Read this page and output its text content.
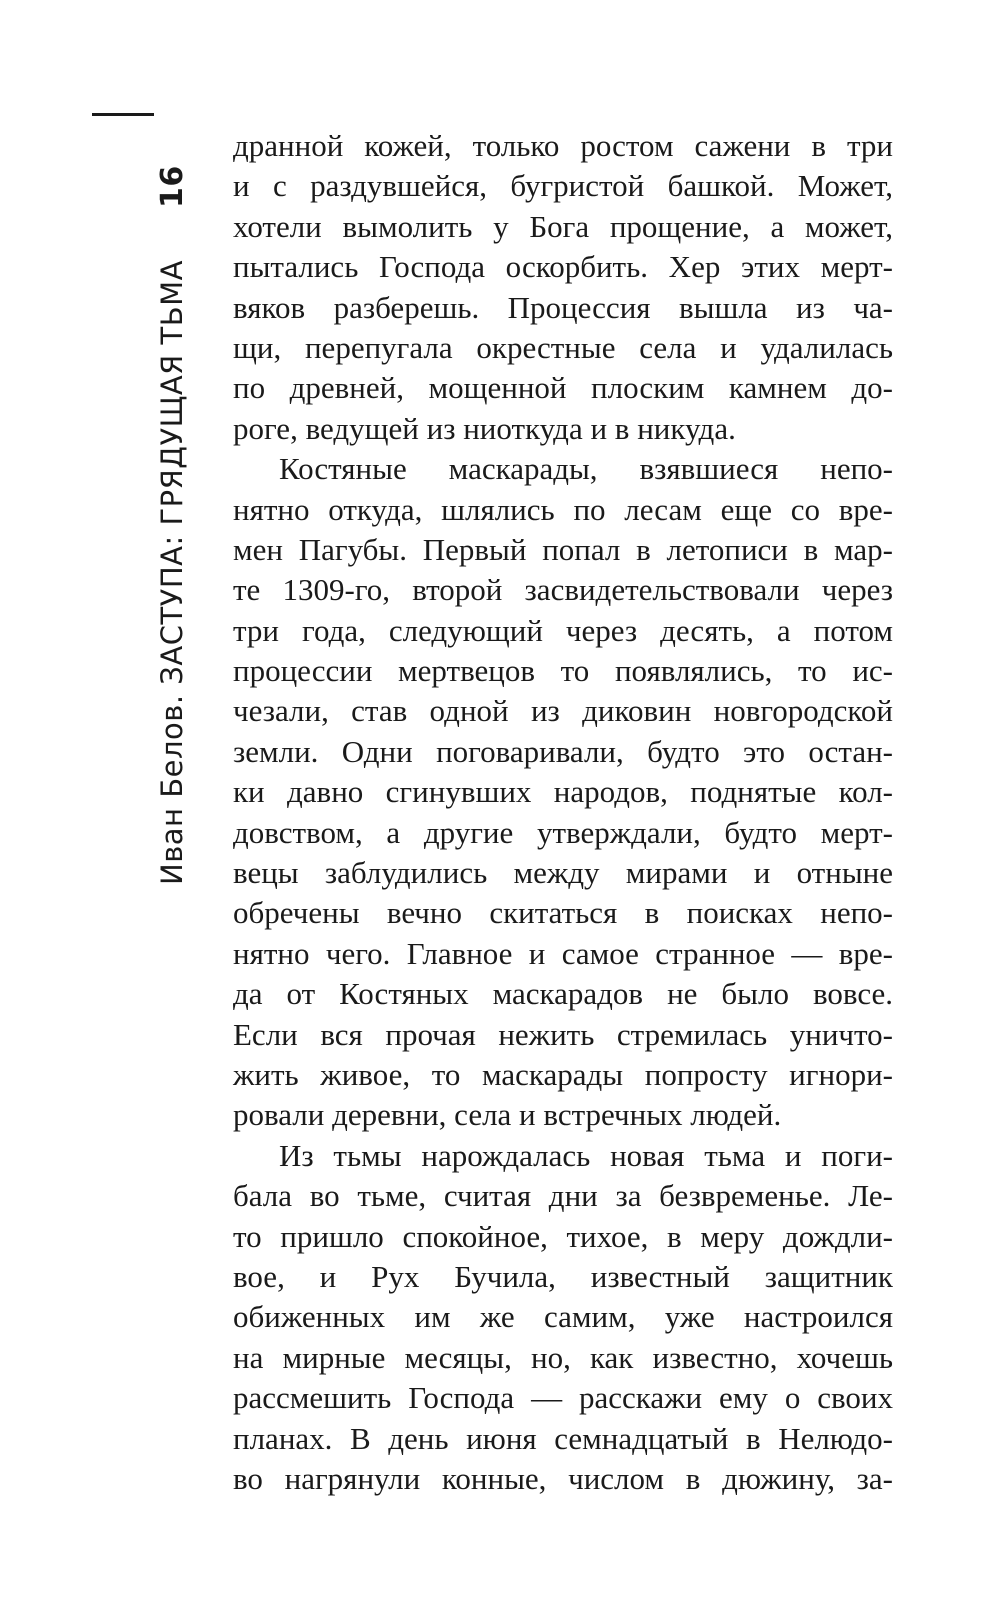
Иван Белов. ЗАСТУПА: ГРЯДУЩАЯ ТЬМА
16
дранной кожей, только ростом сажени в три
и с раздувшейся, бугристой башкой. Может,
хотели вымолить у Бога прощение, а может,
пытались Господа оскорбить. Хер этих мерт-
вяков разберешь. Процессия вышла из ча-
щи, перепугала окрестные села и удалилась
по древней, мощенной плоским камнем до-
роге, ведущей из ниоткуда и в никуда.
Костяные маскарады, взявшиеся непо-
нятно откуда, шлялись по лесам еще со вре-
мен Пагубы. Первый попал в летописи в мар-
те 1309-го, второй засвидетельствовали через
три года, следующий через десять, а потом
процессии мертвецов то появлялись, то ис-
чезали, став одной из диковин новгородской
земли. Одни поговаривали, будто это остан-
ки давно сгинувших народов, поднятые кол-
довством, а другие утверждали, будто мерт-
вецы заблудились между мирами и отныне
обречены вечно скитаться в поисках непо-
нятно чего. Главное и самое странное — вре-
да от Костяных маскарадов не было вовсе.
Если вся прочая нежить стремилась уничто-
жить живое, то маскарады попросту игнори-
ровали деревни, села и встречных людей.
Из тьмы нарождалась новая тьма и поги-
бала во тьме, считая дни за безвременье. Ле-
то пришло спокойное, тихое, в меру дождли-
вое, и Рух Бучила, известный защитник
обиженных им же самим, уже настроился
на мирные месяцы, но, как известно, хочешь
рассмешить Господа — расскажи ему о своих
планах. В день июня семнадцатый в Нелюдо-
во нагрянули конные, числом в дюжину, за-
